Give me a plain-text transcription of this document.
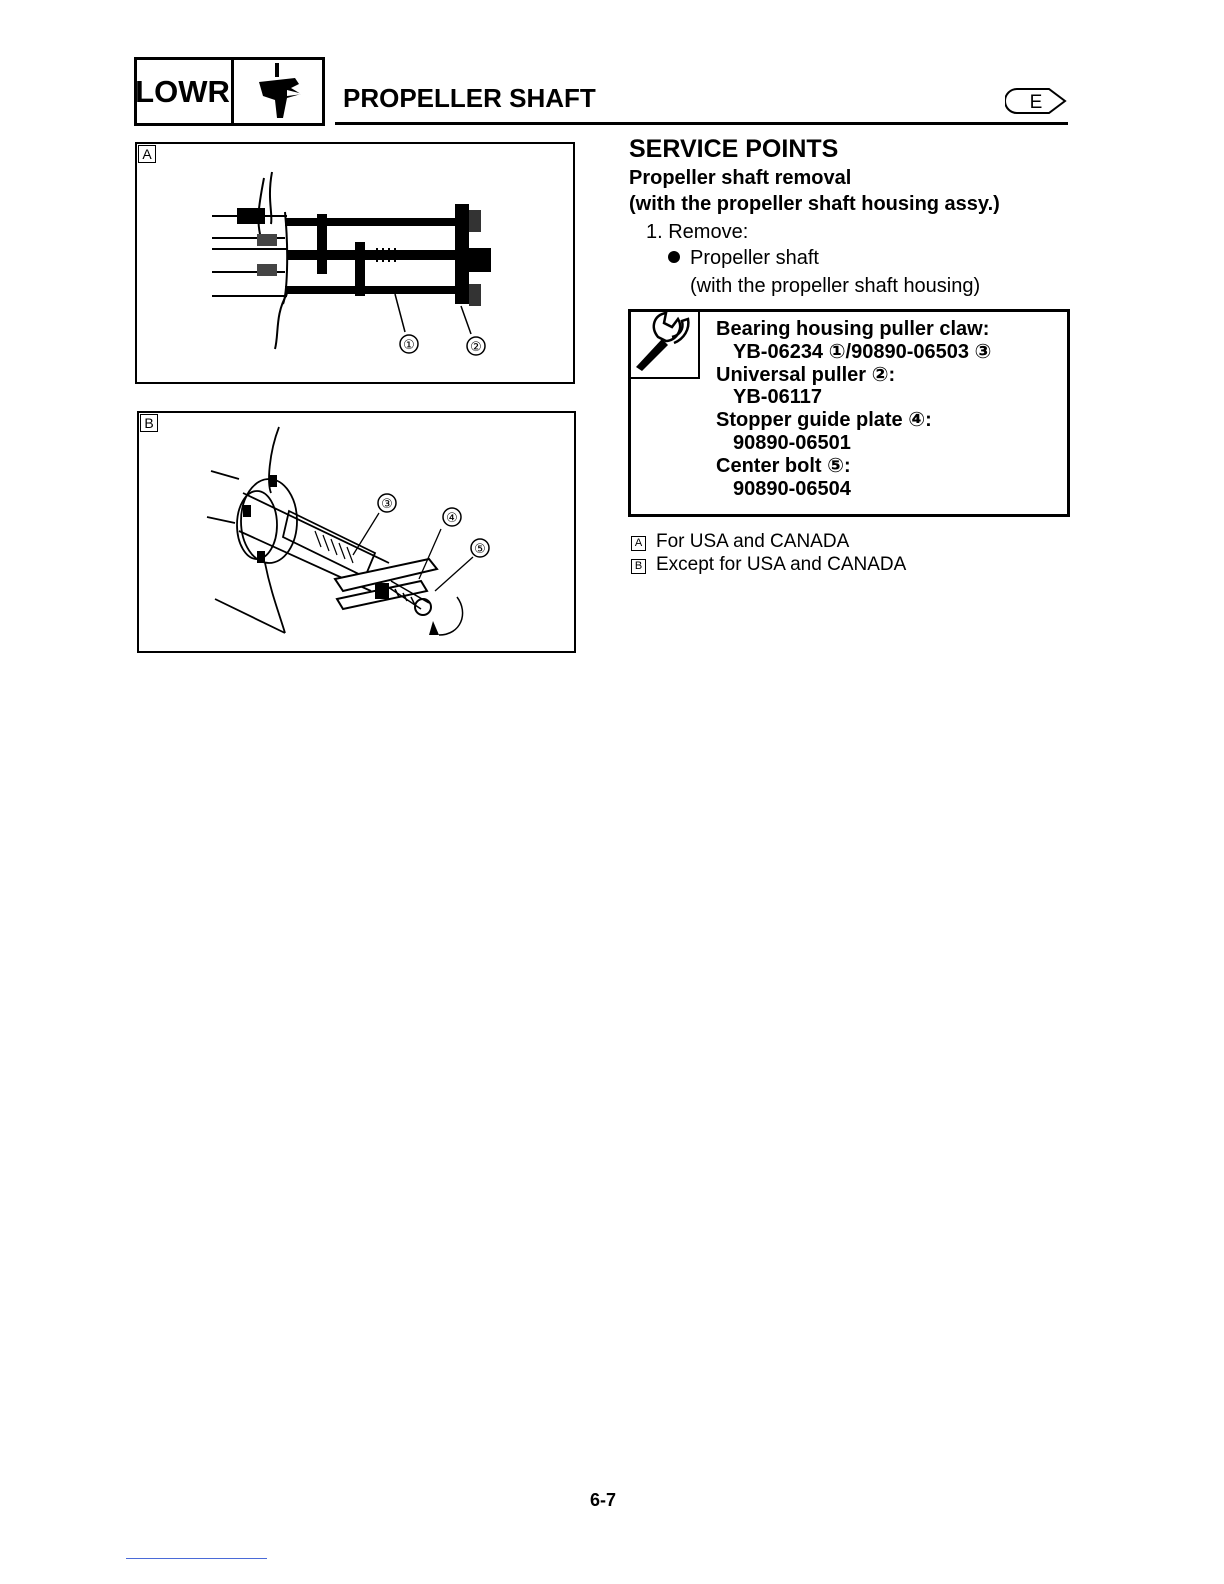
LOWR	PROPELLER SHAFT	E
A
①	②
B
③
④
⑤
SERVICE POINTS
Propeller shaft removal
(with the propeller shaft housing assy.)
1. Remove:
Propeller shaft
(with the propeller shaft housing)
Bearing housing puller claw:
YB-06234 ①/90890-06503 ③
Universal puller ②:
YB-06117
Stopper guide plate ④:
90890-06501
Center bolt ⑤:
90890-06504
A For USA and CANADA
B Except for USA and CANADA
6-7
